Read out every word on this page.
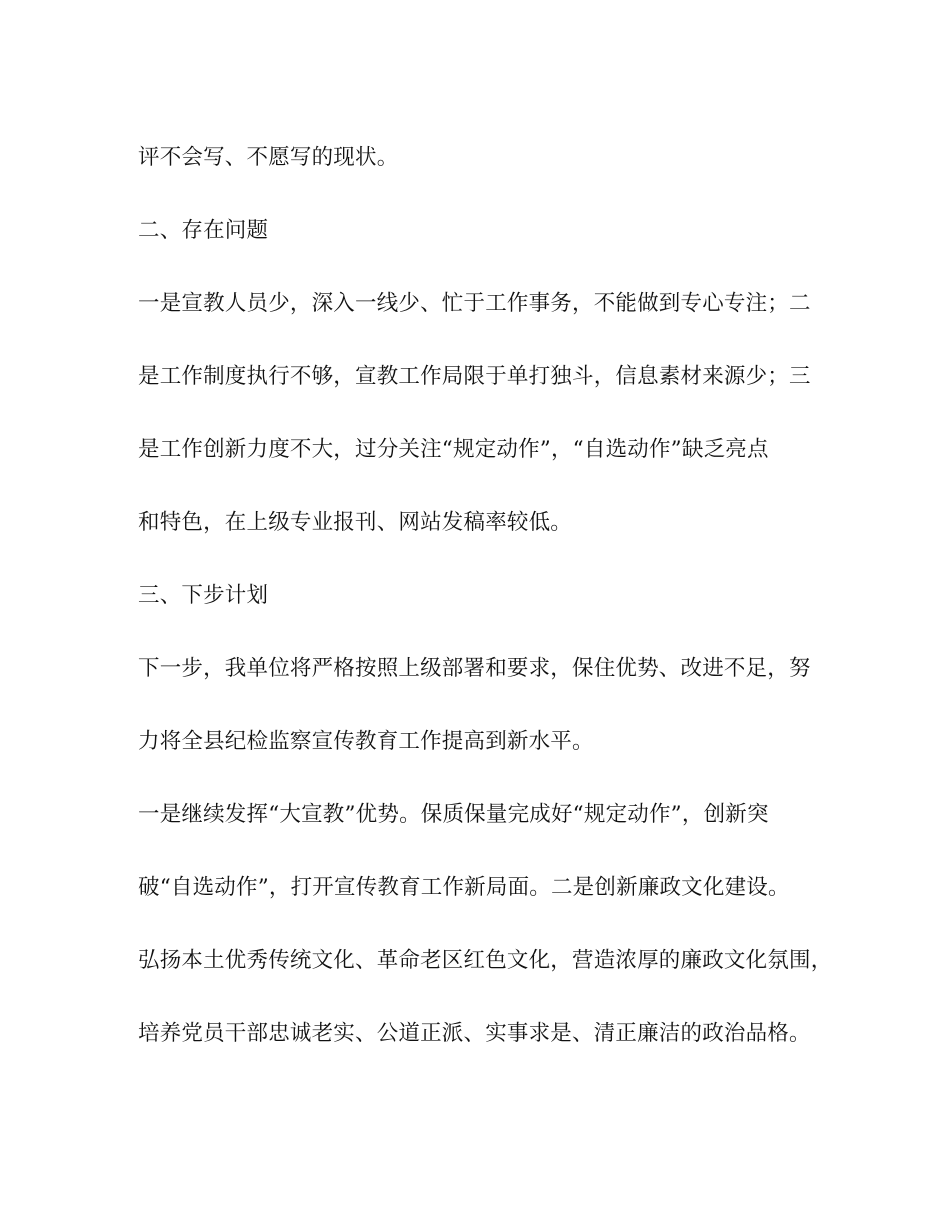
评不会写、不愿写的现状。
二、存在问题
一是宣教人员少，深入一线少、忙于工作事务，不能做到专心专注；二
是工作制度执行不够，宣教工作局限于单打独斗，信息素材来源少；三
是工作创新力度不大，过分关注“规定动作”，“自选动作”缺乏亮点
和特色，在上级专业报刊、网站发稿率较低。
三、下步计划
下一步，我单位将严格按照上级部署和要求，保住优势、改进不足，努
力将全县纪检监察宣传教育工作提高到新水平。
一是继续发挥“大宣教”优势。保质保量完成好“规定动作”，创新突
破“自选动作”，打开宣传教育工作新局面。二是创新廉政文化建设。
弘扬本土优秀传统文化、革命老区红色文化，营造浓厚的廉政文化氛围，
培养党员干部忠诚老实、公道正派、实事求是、清正廉洁的政治品格。
